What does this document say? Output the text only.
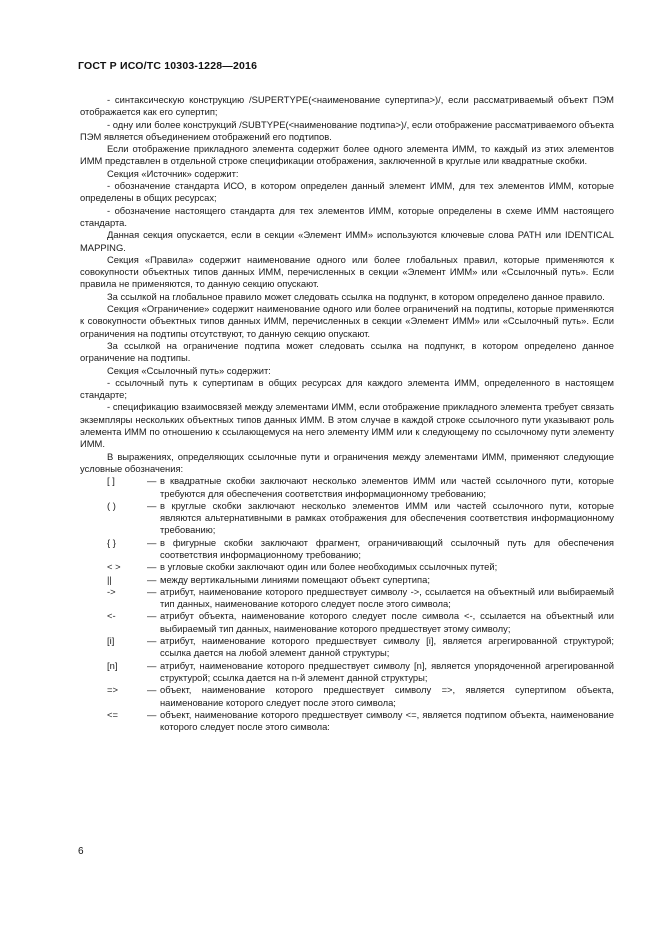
ГОСТ Р ИСО/ТС 10303-1228—2016

- синтаксическую конструкцию /SUPERTYPE(<наименование супертипа>)/, если рассматриваемый объект ПЭМ отображается как его супертип;

- одну или более конструкций /SUBTYPE(<наименование подтипа>)/, если отображение рассматриваемого объекта ПЭМ является объединением отображений его подтипов.

Если отображение прикладного элемента содержит более одного элемента ИММ, то каждый из этих элементов ИММ представлен в отдельной строке спецификации отображения, заключенной в круглые или квадратные скобки.

Секция «Источник» содержит:

- обозначение стандарта ИСО, в котором определен данный элемент ИММ, для тех элементов ИММ, которые определены в общих ресурсах;

- обозначение настоящего стандарта для тех элементов ИММ, которые определены в схеме ИММ настоящего стандарта.

Данная секция опускается, если в секции «Элемент ИММ» используются ключевые слова PATH или IDENTICAL MAPPING.

Секция «Правила» содержит наименование одного или более глобальных правил, которые применяются к совокупности объектных типов данных ИММ, перечисленных в секции «Элемент ИММ» или «Ссылочный путь». Если правила не применяются, то данную секцию опускают.

За ссылкой на глобальное правило может следовать ссылка на подпункт, в котором определено данное правило.

Секция «Ограничение» содержит наименование одного или более ограничений на подтипы, которые применяются к совокупности объектных типов данных ИММ, перечисленных в секции «Элемент ИММ» или «Ссылочный путь». Если ограничения на подтипы отсутствуют, то данную секцию опускают.

За ссылкой на ограничение подтипа может следовать ссылка на подпункт, в котором определено данное ограничение на подтипы.

Секция «Ссылочный путь» содержит:

- ссылочный путь к супертипам в общих ресурсах для каждого элемента ИММ, определенного в настоящем стандарте;

- спецификацию взаимосвязей между элементами ИММ, если отображение прикладного элемента требует связать экземпляры нескольких объектных типов данных ИММ. В этом случае в каждой строке ссылочного пути указывают роль элемента ИММ по отношению к ссылающемуся на него элементу ИММ или к следующему по ссылочному пути элементу ИММ.

В выражениях, определяющих ссылочные пути и ограничения между элементами ИММ, применяют следующие условные обозначения:

[ ]	— в квадратные скобки заключают несколько элементов ИММ или частей ссылочного пути, которые требуются для обеспечения соответствия информационному требованию;
( )	— в круглые скобки заключают несколько элементов ИММ или частей ссылочного пути, которые являются альтернативными в рамках отображения для обеспечения соответствия информационному требованию;
{ }	— в фигурные скобки заключают фрагмент, ограничивающий ссылочный путь для обеспечения соответствия информационному требованию;
< >	— в угловые скобки заключают один или более необходимых ссылочных путей;
||	— между вертикальными линиями помещают объект супертипа;
->	— атрибут, наименование которого предшествует символу ->, ссылается на объектный или выбираемый тип данных, наименование которого следует после этого символа;
<-	— атрибут объекта, наименование которого следует после символа <-, ссылается на объектный или выбираемый тип данных, наименование которого предшествует этому символу;
[i]	— атрибут, наименование которого предшествует символу [i], является агрегированной структурой; ссылка дается на любой элемент данной структуры;
[n]	— атрибут, наименование которого предшествует символу [n], является упорядоченной агрегированной структурой; ссылка дается на n-й элемент данной структуры;
=>	— объект, наименование которого предшествует символу =>, является супертипом объекта, наименование которого следует после этого символа;
<=	— объект, наименование которого предшествует символу <=, является подтипом объекта, наименование которого следует после этого символа:
6
